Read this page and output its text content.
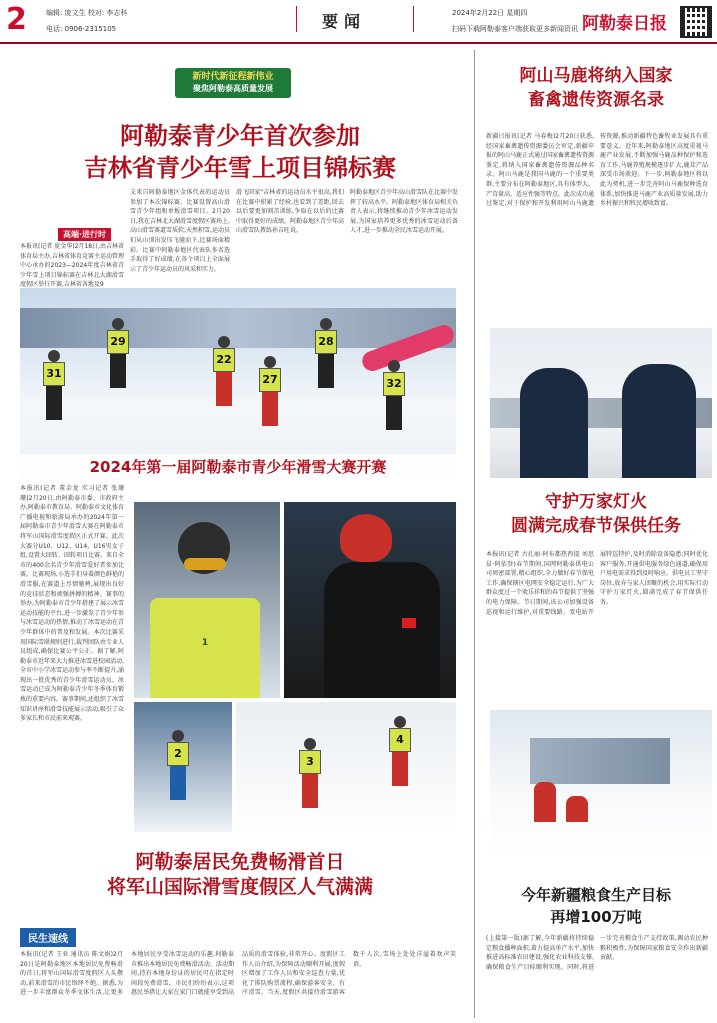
2	编辑: 庞文生 校对: 李志科
电话: 0906-2315105	要闻	2024年2月22日 星期四
扫码下载阿勒泰客户端获取更多新闻资讯 阿勒泰日报
新时代新征程新伟业
聚焦阿勒泰高质量发展
阿勒泰青少年首次参加
吉林省青少年雪上项目锦标赛
高端·进行时
本报讯(记者 庞金华)2月18日,由吉林省体育局主办,吉林省体育竞赛主运动管理中心承办的2023—2024年度吉林省青少年雪上项目锦标赛在吉林北大湖滑雪度假区举行开赛,吉林省各地及9
支来自阿勒泰地区金体代表的运动员参加了本次锦标赛。比赛设置高山滑雪青少年组和单板滑雪项目。2月20日,我在吉林北大湖滑雪度假区赛场上,高山滑雪赛道雪质软,天然积雪,运动员们从山顶出发压飞驰而下,比赛场面精彩。比赛中阿勒泰地区代表队多名选手取得了好成绩,在各个项目上全面展示了青少年运动员的风采和实力。
滑飞回家"吉林省的运动员水平很高,我们在比赛中积累了经验,也看到了差距,回去以后要更加刻苦训练,争取在以后的比赛中取得更好的成绩。阿勒泰地区青少年高山滑雪队教练孙吉旺说。
阿勒泰地区青少年高山滑雪队在比赛中发挥了较高水平。阿勒泰地区体育局相关负责人表示,将继续推动青少年冰雪运动发展,为国家培养更多优秀的冰雪运动后备人才,进一步推动全民冰雪运动开展。
29
31
22
28
27	32
2024年第一届阿勒泰市青少年滑雪大赛开赛
本报讯(记者 董金龙 实习记者 张珊珊)2月20日,由阿勒泰市委、市政府主办,阿勒泰市教育局、阿勒泰市文化体育广播电视和旅游局承办的2024年第一届阿勒泰市青少年滑雪大赛在阿勒泰市将军山国际滑雪度假区正式开赛。此次大赛分U10、U12、U14、U16男女子组,设置大回转、回转项目比赛。来自全市的400余名青少年滑雪爱好者参加比赛。比赛现场,小选手们身着颜色鲜艳的滑雪服,在赛道上尽情驰骋,展现出良好的竞技状态和顽强拼搏的精神。赛事的举办,为阿勒泰市青少年搭建了展示冰雪运动技能的平台,进一步激发了青少年参与冰雪运动的热情,推动了冰雪运动在青少年群体中的普及和发展。本次比赛采用国际雪联规则进行,裁判团队由专业人员组成,确保比赛公平公正。据了解,阿勒泰市近年来大力推进冰雪进校园活动,全市中小学冰雪运动参与率不断提升,涌现出一批优秀的青少年滑雪运动员。冰雪运动已成为阿勒泰青少年冬季体育锻炼的重要内容。赛事期间,还组织了冰雪知识讲座和滑雪技能展示活动,吸引了众多家长和市民前来观赛。
1
2
3
4
阿勒泰居民免费畅滑首日
将军山国际滑雪度假区人气满满
民生速线
本报讯(记者 王亚 通讯员 陈文娟)2月20日是阿勒泰地区本地居民免费畅滑的首日,将军山国际滑雪度假区人头攒动,前来滑雪的市民络绎不绝。据悉,为进一步丰富群众冬季文体生活,让更多本地居民享受冰雪运动的乐趣,阿勒泰市推出本地居民免费畅滑活动。活动期间,持有本地身份证的居民可在指定时间段免费滑雪。市民们纷纷表示,这项惠民举措让大家在家门口就能享受到高品质的滑雪体验,非常开心。度假区工作人员介绍,为保障活动顺利开展,度假区增加了工作人员和安全巡查力量,优化了排队购票流程,确保游客安全、有序滑雪。当天,度假区共接待滑雪游客数千人次,雪场上处处洋溢着欢声笑语。
阿山马鹿将纳入国家
畜禽遗传资源名录
新疆日报讯(记者 马春梅)2月20日获悉,经国家畜禽遗传资源委员会审定,新疆申报的阿山马鹿正式通过国家畜禽遗传资源鉴定,将纳入国家畜禽遗传资源品种名录。阿山马鹿是我国马鹿的一个重要类群,主要分布在阿勒泰地区,具有体型大、产茸量高、适应性强等特点。此次成功通过鉴定,对于保护和开发利用阿山马鹿遗传资源,推动新疆特色畜牧业发展具有重要意义。近年来,阿勒泰地区高度重视马鹿产业发展,不断加强马鹿品种保护和选育工作,马鹿养殖规模逐步扩大,鹿茸产品深受市场欢迎。下一步,阿勒泰地区将以此为契机,进一步完善阿山马鹿保种选育体系,加快推进马鹿产业高质量发展,助力乡村振兴和牧民增收致富。
守护万家灯火
圆满完成春节保供任务
本报讯(记者 古扎丽·阿布都热西提 刘思晨·阿依登)春节期间,国网阿勒泰供电公司周密部署,精心组织,全力做好春节保电工作,确保辖区电网安全稳定运行,为广大群众度过一个欢乐祥和的春节提供了坚强的电力保障。节日期间,该公司加强设备巡视和运行维护,对重要线路、变电站开展特巡特护,及时消除设备隐患;同时优化客户服务,开通供电服务绿色通道,确保用户用电需求得到及时响应。供电员工坚守岗位,放弃与家人团聚的机会,用实际行动守护万家灯火,圆满完成了春节保供任务。
今年新疆粮食生产目标
再增100万吨
(上接第一版)据了解,今年新疆将持续稳定粮食播种面积,着力提高单产水平,加快推进高标准农田建设,强化农业科技支撑,确保粮食生产目标顺利实现。同时,将进一步完善粮食生产支持政策,调动农民种粮积极性,为保障国家粮食安全作出新疆贡献。
